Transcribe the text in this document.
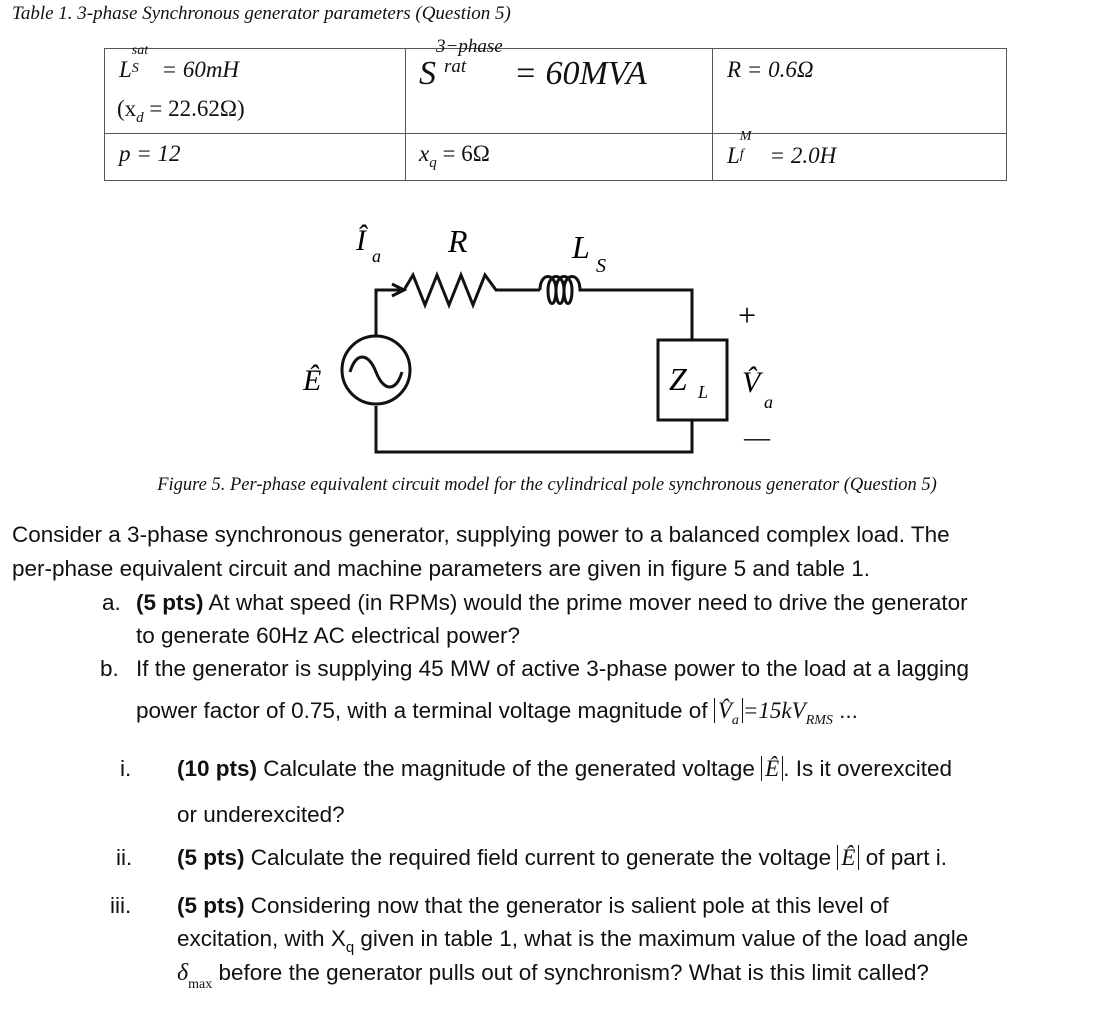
Table 1. 3-phase Synchronous generator parameters (Question 5)
L
sat
S = 60mH
$(x_d = 22.62\Omega)$
p = 12
S
3−phase
rat = 60MVA
$x_q = 6\Omega$
R = 0.6Ω
L
M
f = 2.0H
Î a R	L
S
Ê	Z L
+
V̂
a
—
Figure 5. Per-phase equivalent circuit model for the cylindrical pole synchronous generator (Question 5)
Consider a 3-phase synchronous generator, supplying power to a balanced complex load. The
per-phase equivalent circuit and machine parameters are given in figure 5 and table 1.
a. (5 pts) At what speed (in RPMs) would the prime mover need to drive the generator
to generate 60Hz AC electrical power?
b. If the generator is supplying 45 MW of active 3-phase power to the load at a lagging
power factor of 0.75, with a terminal voltage magnitude of $V̂_a =15kV_{RMS}$ ...
i. (10 pts) Calculate the magnitude of the generated voltage Ê . Is it overexcited
or underexcited?
ii. (5 pts) Calculate the required field current to generate the voltage Ê of part i.
iii. (5 pts) Considering now that the generator is salient pole at this level of
excitation, with $X_q$ given in table 1, what is the maximum value of the load angle
$\delta_{max}$ before the generator pulls out of synchronism? What is this limit called?
